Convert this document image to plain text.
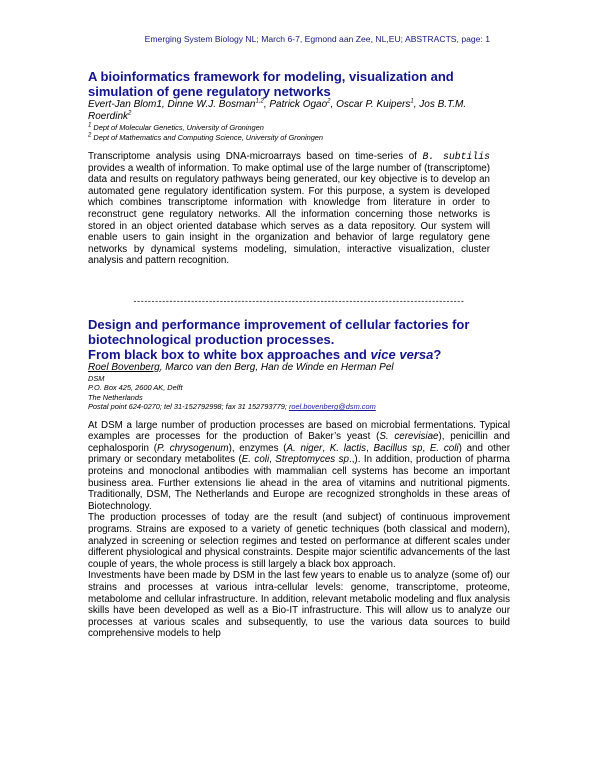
Emerging System Biology NL; March 6-7, Egmond aan Zee, NL,EU; ABSTRACTS, page: 1

A bioinformatics framework for modeling, visualization and
simulation of gene regulatory networks

Evert-Jan Blom1, Dinne W.J. Bosman$^{1,2}$, Patrick Ogao$^2$, Oscar P. Kuipers$^1$, Jos B.T.M.
Roerdink$^2$

$^1$ Dept of Molecular Genetics, University of Groningen

$^2$ Dept of Mathematics and Computing Science, University of Groningen

Transcriptome analysis using DNA-microarrays based on time-series of B. subtilis provides a wealth of information. To make optimal use of the large number of (transcriptome) data and results on regulatory pathways being generated, our key objective is to develop an automated gene regulatory identification system. For this purpose, a system is developed which combines transcriptome information with knowledge from literature in order to reconstruct gene regulatory networks. All the information concerning those networks is stored in an object oriented database which serves as a data repository. Our system will enable users to gain insight in the organization and behavior of large regulatory gene networks by dynamical systems modeling, simulation, interactive visualization, cluster analysis and pattern recognition.

--------------------------------------------------------------------------------------------

Design and performance improvement of cellular factories for
biotechnological production processes.
From black box to white box approaches and vice versa?

Roel Bovenberg, Marco van den Berg, Han de Winde en Herman Pel

DSM

P.O. Box 425, 2600 AK, Delft

The Netherlands

Postal point 624-0270; tel 31-152792998; fax 31 152793779; roel.bovenberg@dsm.com

At DSM a large number of production processes are based on microbial fermentations. Typical examples are processes for the production of Baker’s yeast (S. cerevisiae), penicillin and cephalosporin (P. chrysogenum), enzymes (A. niger, K. lactis, Bacillus sp, E. coli) and other primary or secondary metabolites (E. coli, Streptomyces sp.,). In addition, production of pharma proteins and monoclonal antibodies with mammalian cell systems has become an important business area. Further extensions lie ahead in the area of vitamins and nutritional pigments. Traditionally, DSM, The Netherlands and Europe are recognized strongholds in these areas of Biotechnology.

The production processes of today are the result (and subject) of continuous improvement programs. Strains are exposed to a variety of genetic techniques (both classical and modern), analyzed in screening or selection regimes and tested on performance at different scales under different physiological and physical constraints. Despite major scientific advancements of the last couple of years, the whole process is still largely a black box approach.

Investments have been made by DSM in the last few years to enable us to analyze (some of) our strains and processes at various intra-cellular levels: genome, transcriptome, proteome, metabolome and cellular infrastructure. In addition, relevant metabolic modeling and flux analysis skills have been developed as well as a Bio-IT infrastructure. This will allow us to analyze our processes at various scales and subsequently, to use the various data sources to build comprehensive models to help
